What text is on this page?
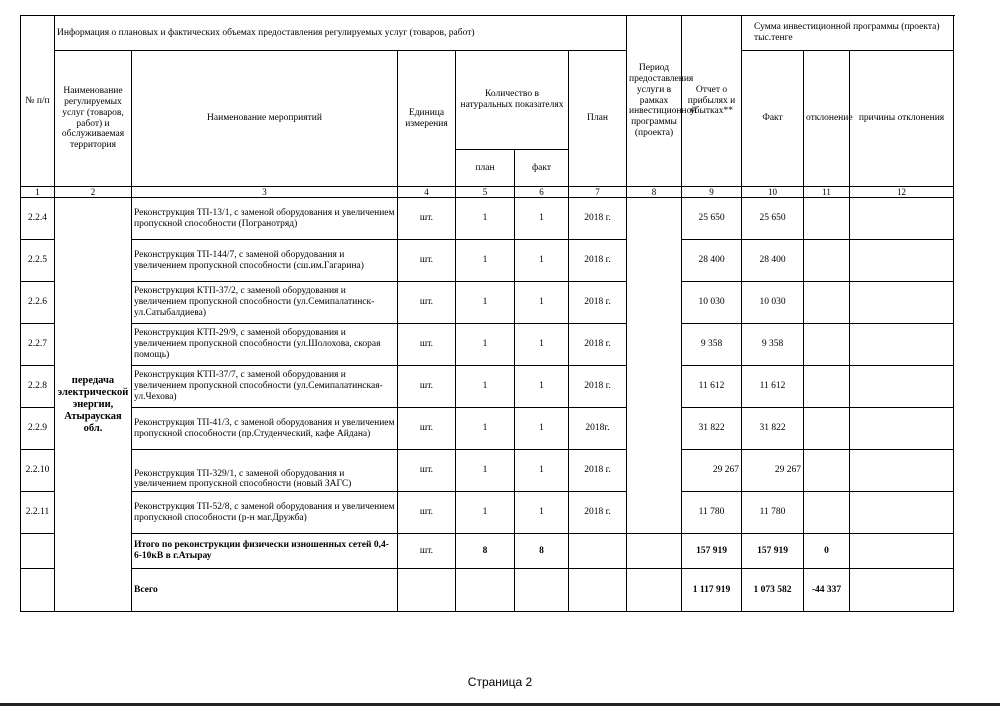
№ п/п	Информация о плановых и фактических объемах предоставления регулируемых услуг (товаров, работ)						Период предоставления услуги в рамках инвестиционной программы (проекта)	Отчет о прибылях и убытках**	Сумма инвестиционной программы (проекта) тыс.тенге		
	Наименование регулируемых услуг (товаров, работ) и обслуживаемая территория	Наименование мероприятий	Единица измерения	Количество в натуральных показателях		План			Факт	отклонение	причины отклонения
				план	факт						
1	2	3	4	5	6	7	8	9	10	11	12
2.2.4	передача электрической энергии, Атырауская обл.	Реконструкция ТП-13/1, с заменой оборудования и увеличением пропускной способности (Погранотряд)	шт.	1	1	2018 г.		25 650	25 650		
2.2.5		Реконструкция ТП-144/7, с заменой оборудования и увеличением пропускной способности (сш.им.Гагарина)	шт.	1	1	2018 г.		28 400	28 400		
2.2.6		Реконструкция КТП-37/2, с заменой оборудования и увеличением пропускной способности (ул.Семипалатинск-ул.Сатыбалдиева)	шт.	1	1	2018 г.		10 030	10 030		
2.2.7		Реконструкция КТП-29/9, с заменой оборудования и увеличением пропускной способности (ул.Шолохова, скорая помощь)	шт.	1	1	2018 г.		9 358	9 358		
2.2.8		Реконструкция КТП-37/7, с заменой оборудования и увеличением пропускной способности (ул.Семипалатинская-ул.Чехова)	шт.	1	1	2018 г.		11 612	11 612		
2.2.9		Реконструкция ТП-41/3, с заменой оборудования и увеличением пропускной способности (пр.Студенческий, кафе Айдана)	шт.	1	1	2018г.		31 822	31 822		
2.2.10		Реконструкция ТП-329/1, с заменой оборудования и увеличением пропускной способности (новый ЗАГС)	шт.	1	1	2018 г.		29 267	29 267		
2.2.11		Реконструкция ТП-52/8, с заменой оборудования и увеличением пропускной способности (р-н маг.Дружба)	шт.	1	1	2018 г.		11 780	11 780		
		Итого по реконструкции физически изношенных сетей 0,4-6-10кВ в г.Атырау	шт.	8	8			157 919	157 919	0	
		Всего						1 117 919	1 073 582	-44 337	
Страница 2
